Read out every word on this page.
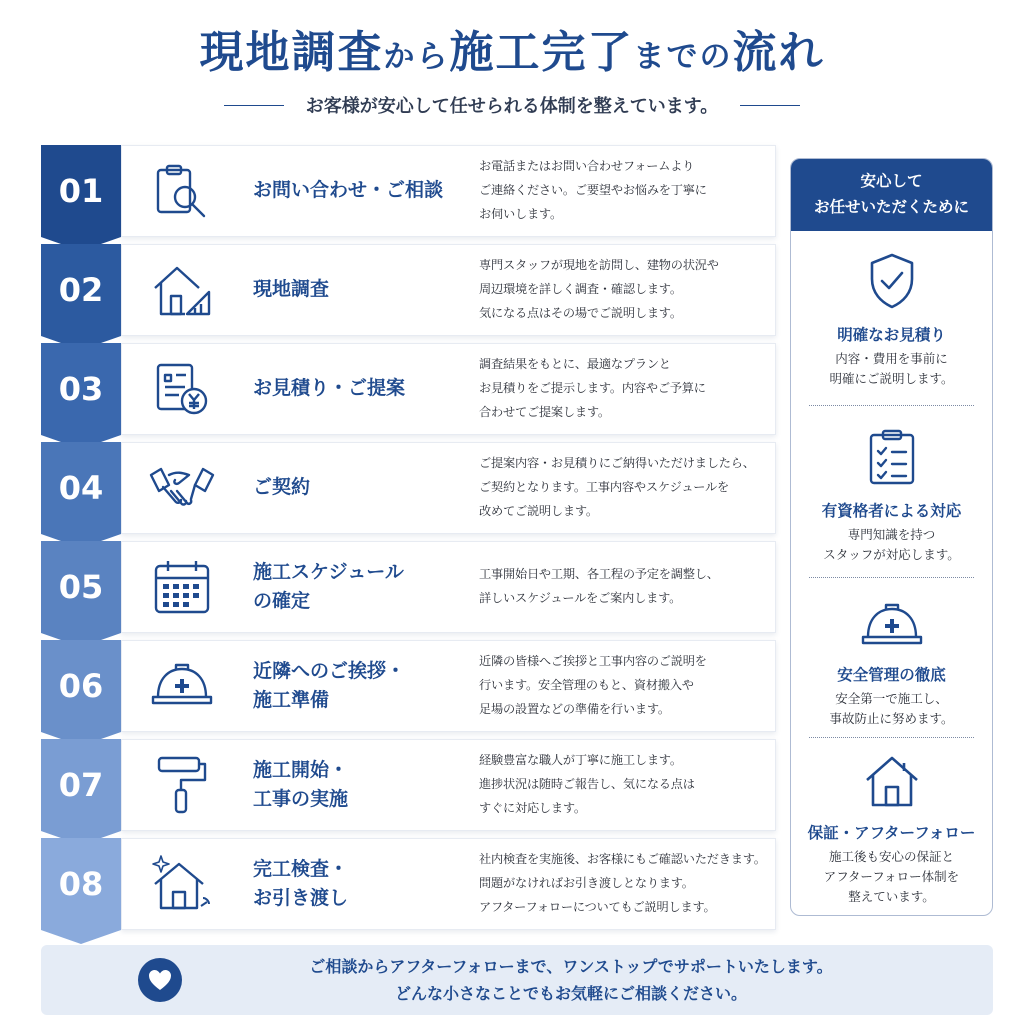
現地調査から施工完了までの流れ
お客様が安心して任せられる体制を整えています。
01	お問い合わせ・ご相談
お電話またはお問い合わせフォームより
ご連絡ください。ご要望やお悩みを丁寧に
お伺いします。
02	現地調査
専門スタッフが現地を訪問し、建物の状況や
周辺環境を詳しく調査・確認します。
気になる点はその場でご説明します。
03	お見積り・ご提案
調査結果をもとに、最適なプランと
お見積りをご提示します。内容やご予算に
合わせてご提案します。
04	ご契約
ご提案内容・お見積りにご納得いただけましたら、
ご契約となります。工事内容やスケジュールを
改めてご説明します。
05	施工スケジュール
の確定
工事開始日や工期、各工程の予定を調整し、
詳しいスケジュールをご案内します。
06	近隣へのご挨拶・
施工準備
近隣の皆様へご挨拶と工事内容のご説明を
行います。安全管理のもと、資材搬入や
足場の設置などの準備を行います。
07	施工開始・
工事の実施
経験豊富な職人が丁寧に施工します。
進捗状況は随時ご報告し、気になる点は
すぐに対応します。
08	完工検査・
お引き渡し
社内検査を実施後、お客様にもご確認いただきます。
問題がなければお引き渡しとなります。
アフターフォローについてもご説明します。
安心して
お任せいただくために
明確なお見積り
内容・費用を事前に
明確にご説明します。
有資格者による対応
専門知識を持つ
スタッフが対応します。
安全管理の徹底
安全第一で施工し、
事故防止に努めます。
保証・アフターフォロー
施工後も安心の保証と
アフターフォロー体制を
整えています。
ご相談からアフターフォローまで、ワンストップでサポートいたします。
どんな小さなことでもお気軽にご相談ください。
